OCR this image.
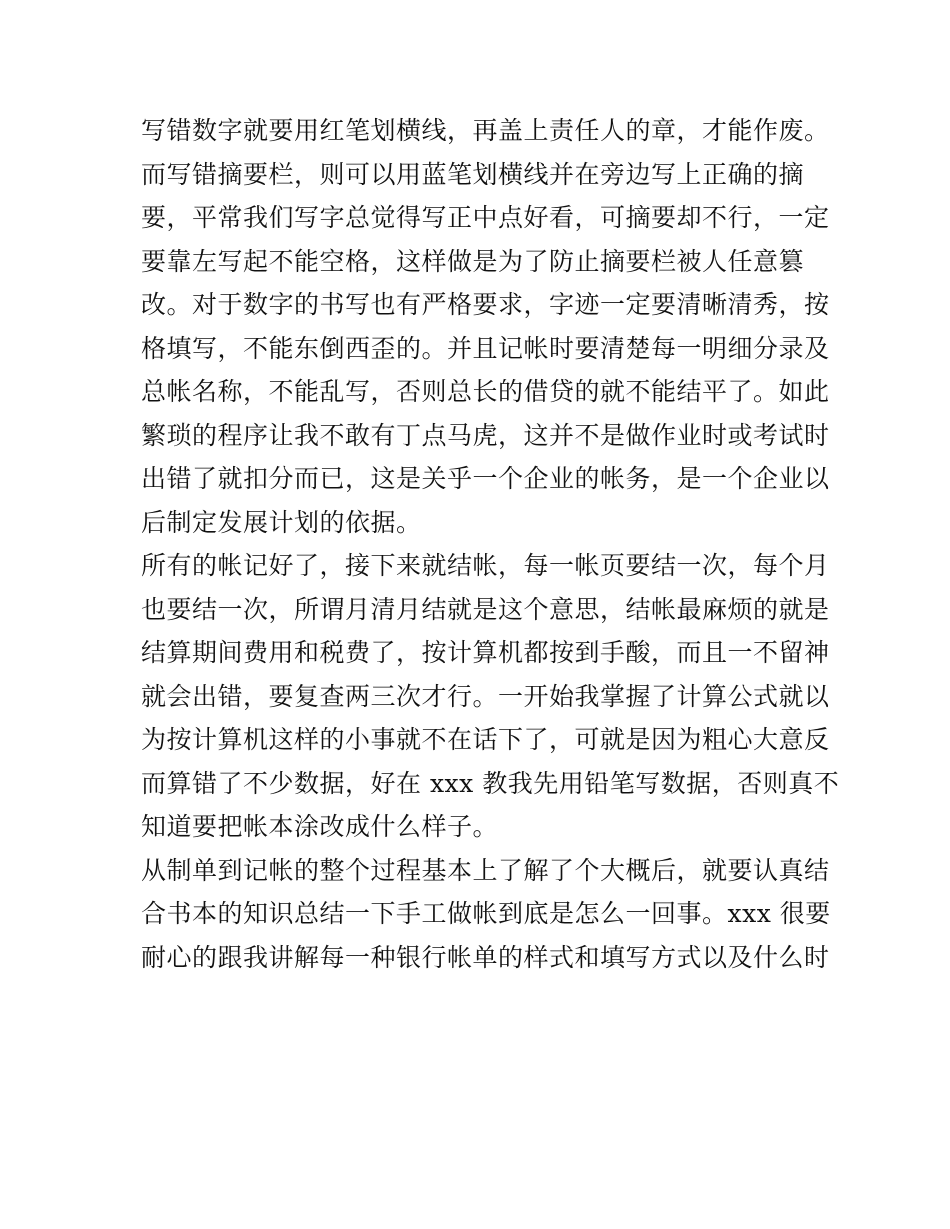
写错数字就要用红笔划横线，再盖上责任人的章，才能作废。
而写错摘要栏，则可以用蓝笔划横线并在旁边写上正确的摘
要，平常我们写字总觉得写正中点好看，可摘要却不行，一定
要靠左写起不能空格，这样做是为了防止摘要栏被人任意篡
改。对于数字的书写也有严格要求，字迹一定要清晰清秀，按
格填写，不能东倒西歪的。并且记帐时要清楚每一明细分录及
总帐名称，不能乱写，否则总长的借贷的就不能结平了。如此
繁琐的程序让我不敢有丁点马虎，这并不是做作业时或考试时
出错了就扣分而已，这是关乎一个企业的帐务，是一个企业以
后制定发展计划的依据。
所有的帐记好了，接下来就结帐，每一帐页要结一次，每个月
也要结一次，所谓月清月结就是这个意思，结帐最麻烦的就是
结算期间费用和税费了，按计算机都按到手酸，而且一不留神
就会出错，要复查两三次才行。一开始我掌握了计算公式就以
为按计算机这样的小事就不在话下了，可就是因为粗心大意反
而算错了不少数据，好在 xxx 教我先用铅笔写数据，否则真不
知道要把帐本涂改成什么样子。
从制单到记帐的整个过程基本上了解了个大概后，就要认真结
合书本的知识总结一下手工做帐到底是怎么一回事。xxx 很要
耐心的跟我讲解每一种银行帐单的样式和填写方式以及什么时
